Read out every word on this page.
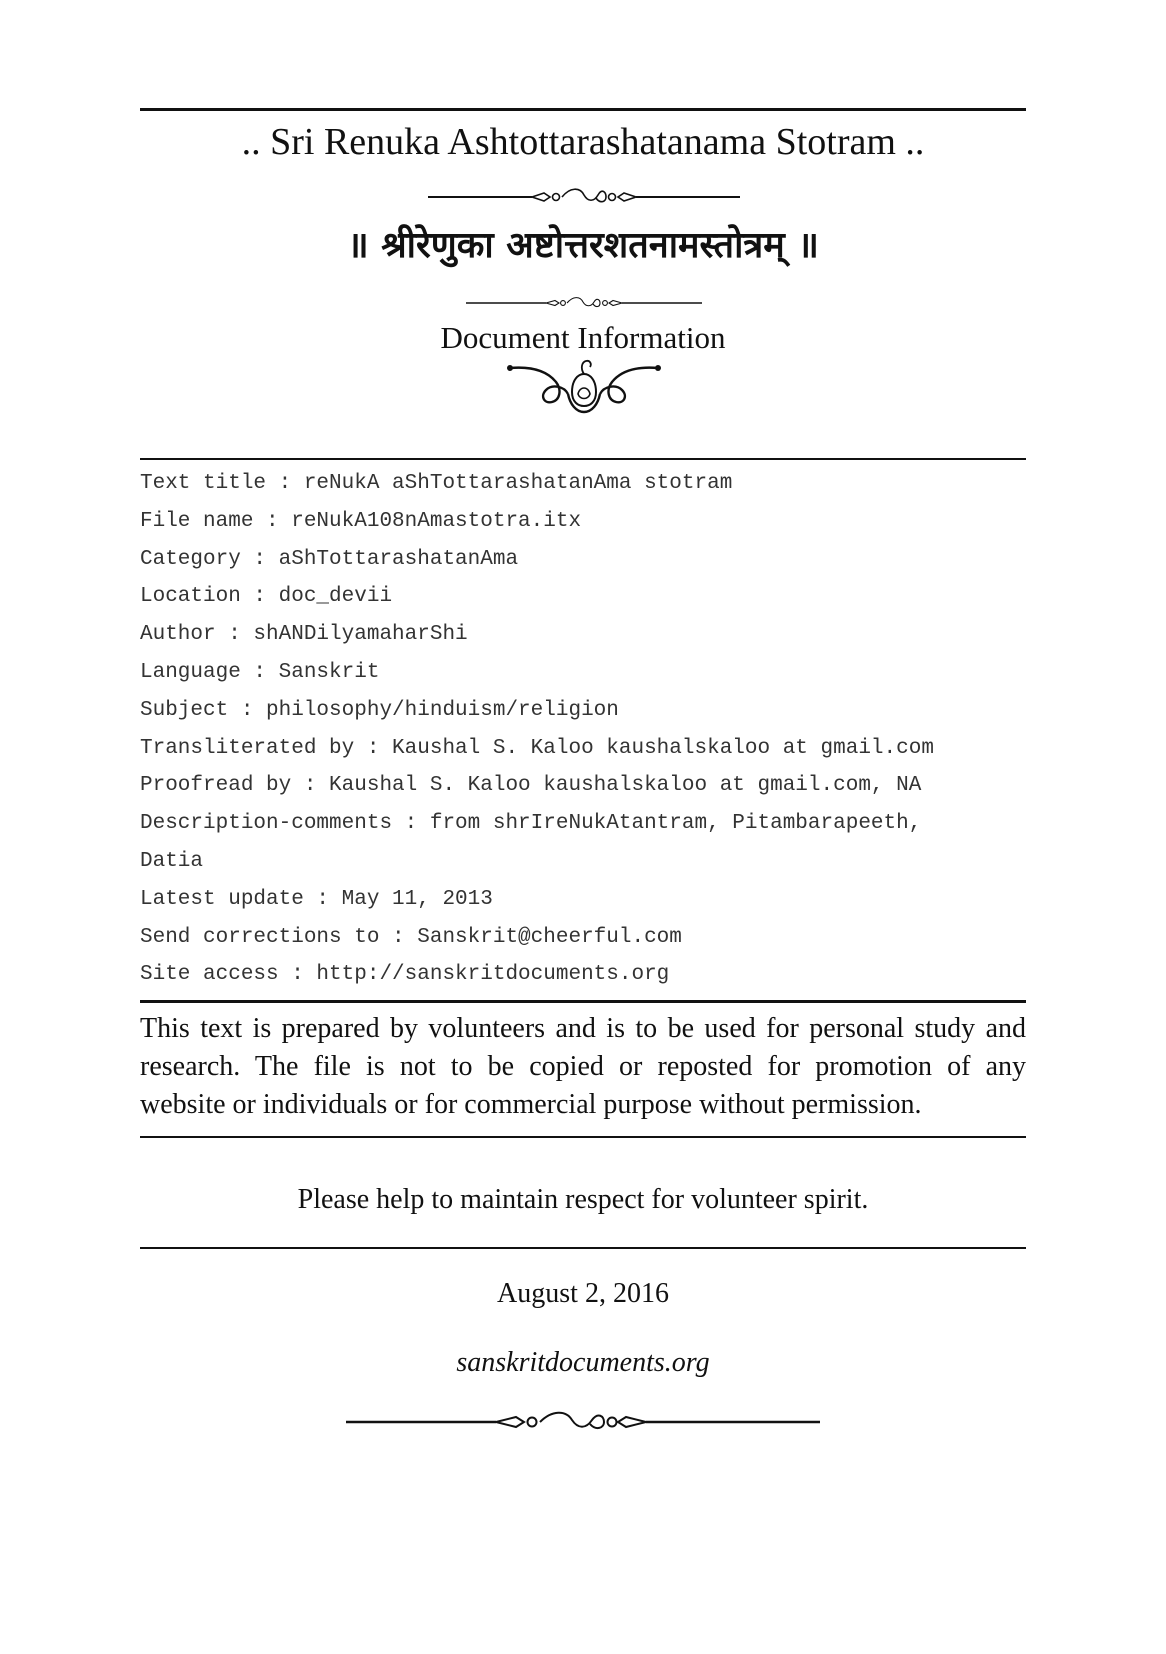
.. Sri Renuka Ashtottarashatanama Stotram ..
॥ श्रीरेणुका अष्टोत्तरशतनामस्तोत्रम् ॥
Document Information
Text title : reNukA aShTottarashatanAma stotram
File name : reNukA108nAmastotra.itx
Category : aShTottarashatanAma
Location : doc_devii
Author : shANDilyamaharShi
Language : Sanskrit
Subject : philosophy/hinduism/religion
Transliterated by : Kaushal S. Kaloo kaushalskaloo at gmail.com
Proofread by : Kaushal S. Kaloo kaushalskaloo at gmail.com, NA
Description-comments : from shrIreNukAtantram, Pitambarapeeth,
Datia
Latest update : May 11, 2013
Send corrections to : Sanskrit@cheerful.com
Site access : http://sanskritdocuments.org
This text is prepared by volunteers and is to be used for personal study and
research. The file is not to be copied or reposted for promotion of any
website or individuals or for commercial purpose without permission.
Please help to maintain respect for volunteer spirit.
August 2, 2016
sanskritdocuments.org
